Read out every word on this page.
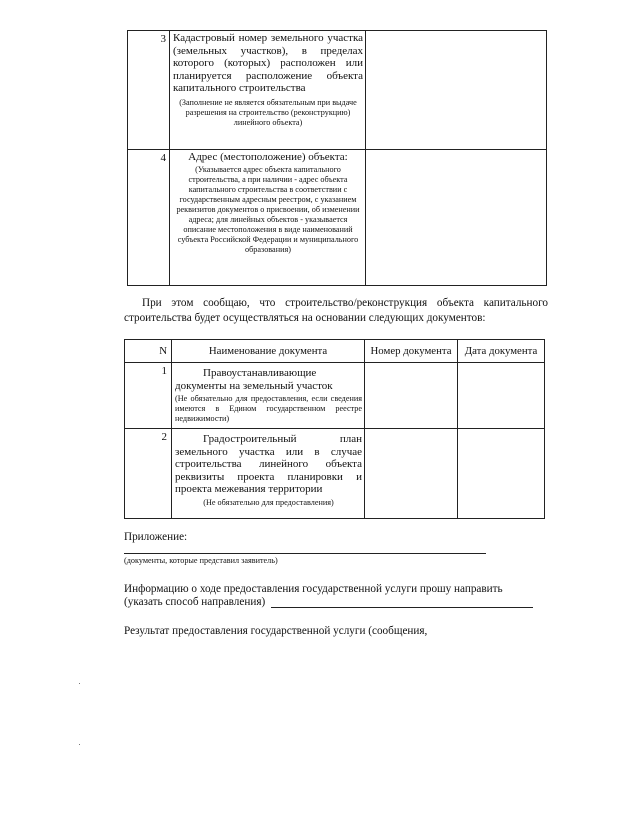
3	Кадастровый номер земельного участка (земельных участков), в пределах которого (которых) расположен или планируется расположение объекта капитального строительства
(Заполнение не является обязательным при выдаче разрешения на строительство (реконструкцию) линейного объекта)	

4	Адрес (местоположение) объекта:
(Указывается адрес объекта капитального строительства, а при наличии - адрес объекта капитального строительства в соответствии с государственным адресным реестром, с указанием реквизитов документов о присвоении, об изменении адреса; для линейных объектов - указывается описание местоположения в виде наименований субъекта Российской Федерации и муниципального образования)	

При этом сообщаю, что строительство/реконструкция объекта капитального строительства будет осуществляться на основании следующих документов:
N	Наименование документа	Номер документа	Дата документа
1	Правоустанавливающие документы на земельный участок
(Не обязательно для предоставления, если сведения имеются в Едином государственном реестре недвижимости)		

2	Градостроительный план земельного участка или в случае строительства линейного объекта реквизиты проекта планировки и проекта межевания территории
(Не обязательно для предоставления)		

Приложение:
(документы, которые представил заявитель)
Информацию о ходе предоставления государственной услуги прошу направить
(указать способ направления)
Результат предоставления государственной услуги (сообщения,
